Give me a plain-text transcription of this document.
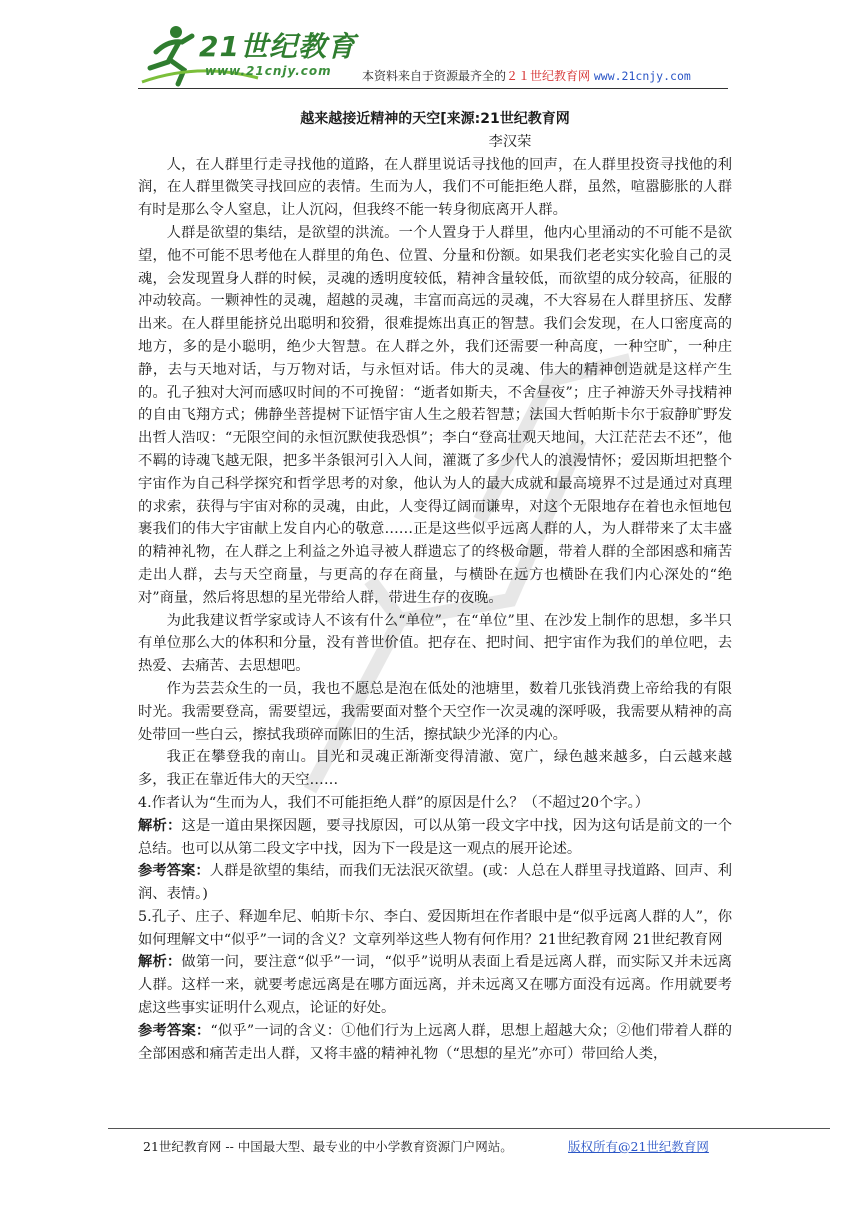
21世纪教育
www.21cnjy.com	本资料来自于资源最齐全的２１世纪教育网 www.21cnjy.com
越来越接近精神的天空[来源:21世纪教育网
李汉荣

人，在人群里行走寻找他的道路，在人群里说话寻找他的回声，在人群里投资寻找他的利润，在人群里微笑寻找回应的表情。生而为人，我们不可能拒绝人群，虽然，喧嚣膨胀的人群有时是那么令人窒息，让人沉闷，但我终不能一转身彻底离开人群。

人群是欲望的集结，是欲望的洪流。一个人置身于人群里，他内心里涌动的不可能不是欲望，他不可能不思考他在人群里的角色、位置、分量和份额。如果我们老老实实化验自己的灵魂，会发现置身人群的时候，灵魂的透明度较低，精神含量较低，而欲望的成分较高，征服的冲动较高。一颗神性的灵魂，超越的灵魂，丰富而高远的灵魂，不大容易在人群里挤压、发酵出来。在人群里能挤兑出聪明和狡猾，很难提炼出真正的智慧。我们会发现，在人口密度高的地方，多的是小聪明，绝少大智慧。在人群之外，我们还需要一种高度，一种空旷，一种庄静，去与天地对话，与万物对话，与永恒对话。伟大的灵魂、伟大的精神创造就是这样产生的。孔子独对大河而感叹时间的不可挽留：“逝者如斯夫，不舍昼夜”；庄子神游天外寻找精神的自由飞翔方式；佛静坐菩提树下证悟宇宙人生之般若智慧；法国大哲帕斯卡尔于寂静旷野发出哲人浩叹：“无限空间的永恒沉默使我恐惧”；李白“登高壮观天地间，大江茫茫去不还”，他不羁的诗魂飞越无限，把多半条银河引入人间，灌溉了多少代人的浪漫情怀；爱因斯坦把整个宇宙作为自己科学探究和哲学思考的对象，他认为人的最大成就和最高境界不过是通过对真理的求索，获得与宇宙对称的灵魂，由此，人变得辽阔而谦卑，对这个无限地存在着也永恒地包裹我们的伟大宇宙献上发自内心的敬意……正是这些似乎远离人群的人，为人群带来了太丰盛的精神礼物，在人群之上利益之外追寻被人群遗忘了的终极命题，带着人群的全部困惑和痛苦走出人群，去与天空商量，与更高的存在商量，与横卧在远方也横卧在我们内心深处的“绝对”商量，然后将思想的星光带给人群，带进生存的夜晚。

为此我建议哲学家或诗人不该有什么“单位”，在“单位”里、在沙发上制作的思想，多半只有单位那么大的体积和分量，没有普世价值。把存在、把时间、把宇宙作为我们的单位吧，去热爱、去痛苦、去思想吧。

作为芸芸众生的一员，我也不愿总是泡在低处的池塘里，数着几张钱消费上帝给我的有限时光。我需要登高，需要望远，我需要面对整个天空作一次灵魂的深呼吸，我需要从精神的高处带回一些白云，擦拭我琐碎而陈旧的生活，擦拭缺少光泽的内心。

我正在攀登我的南山。目光和灵魂正渐渐变得清澈、宽广，绿色越来越多，白云越来越多，我正在靠近伟大的天空……

4.作者认为“生而为人，我们不可能拒绝人群”的原因是什么？（不超过20个字。）

解析：这是一道由果探因题，要寻找原因，可以从第一段文字中找，因为这句话是前文的一个总结。也可以从第二段文字中找，因为下一段是这一观点的展开论述。

参考答案：人群是欲望的集结，而我们无法泯灭欲望。(或：人总在人群里寻找道路、回声、利润、表情。)

5.孔子、庄子、释迦牟尼、帕斯卡尔、李白、爱因斯坦在作者眼中是“似乎远离人群的人”，你如何理解文中“似乎”一词的含义？文章列举这些人物有何作用？21世纪教育网 21世纪教育网

解析：做第一问，要注意“似乎”一词，“似乎”说明从表面上看是远离人群，而实际又并未远离人群。这样一来，就要考虑远离是在哪方面远离，并未远离又在哪方面没有远离。作用就要考虑这些事实证明什么观点，论证的好处。

参考答案：“似乎”一词的含义：①他们行为上远离人群，思想上超越大众；②他们带着人群的全部困惑和痛苦走出人群，又将丰盛的精神礼物（“思想的星光”亦可）带回给人类，

21世纪教育网 -- 中国最大型、最专业的中小学教育资源门户网站。	版权所有@21世纪教育网
